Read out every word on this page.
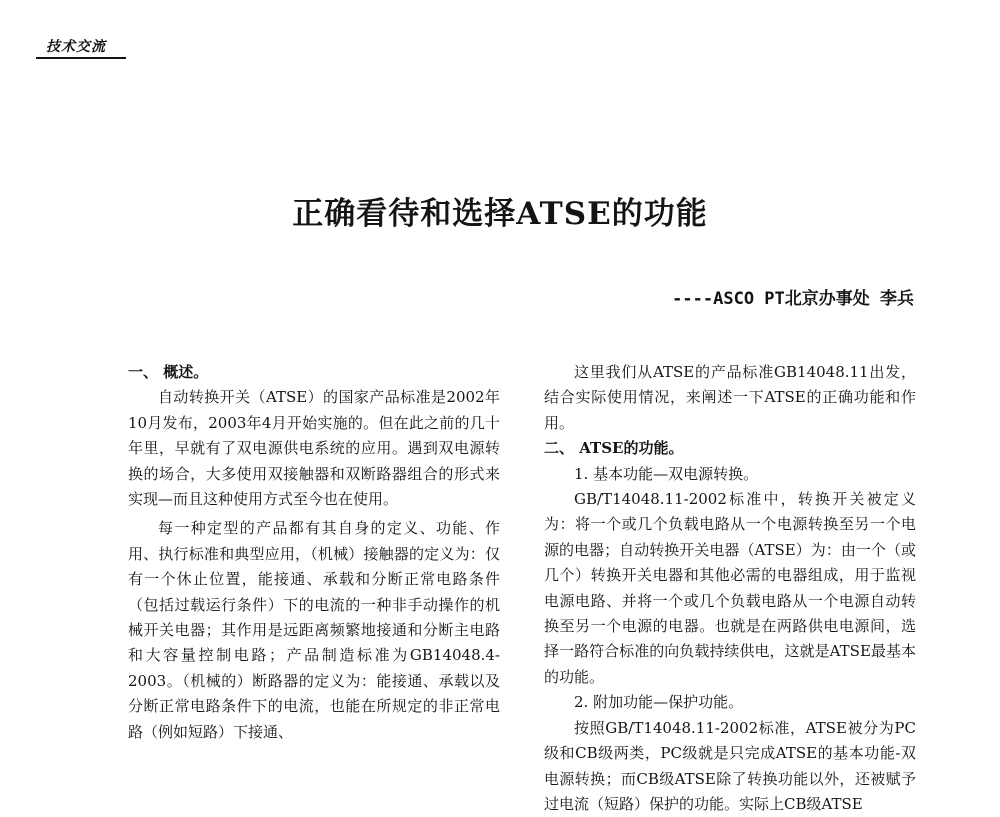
技术交流
正确看待和选择ATSE的功能
----ASCO PT北京办事处 李兵

一、 概述。

自动转换开关（ATSE）的国家产品标准是2002年10月发布，2003年4月开始实施的。但在此之前的几十年里，早就有了双电源供电系统的应用。遇到双电源转换的场合，大多使用双接触器和双断路器组合的形式来实现—而且这种使用方式至今也在使用。

每一种定型的产品都有其自身的定义、功能、作用、执行标准和典型应用，（机械）接触器的定义为：仅有一个休止位置，能接通、承载和分断正常电路条件（包括过载运行条件）下的电流的一种非手动操作的机械开关电器；其作用是远距离频繁地接通和分断主电路和大容量控制电路；产品制造标准为GB14048.4-2003。（机械的）断路器的定义为：能接通、承载以及分断正常电路条件下的电流，也能在所规定的非正常电路（例如短路）下接通、

这里我们从ATSE的产品标准GB14048.11出发，结合实际使用情况，来阐述一下ATSE的正确功能和作用。

二、 ATSE的功能。

1. 基本功能—双电源转换。

GB/T14048.11-2002标准中，转换开关被定义为：将一个或几个负载电路从一个电源转换至另一个电源的电器；自动转换开关电器（ATSE）为：由一个（或几个）转换开关电器和其他必需的电器组成，用于监视电源电路、并将一个或几个负载电路从一个电源自动转换至另一个电源的电器。也就是在两路供电电源间，选择一路符合标准的向负载持续供电，这就是ATSE最基本的功能。

2. 附加功能—保护功能。

按照GB/T14048.11-2002标准，ATSE被分为PC级和CB级两类，PC级就是只完成ATSE的基本功能-双电源转换；而CB级ATSE除了转换功能以外，还被赋予过电流（短路）保护的功能。实际上CB级ATSE
